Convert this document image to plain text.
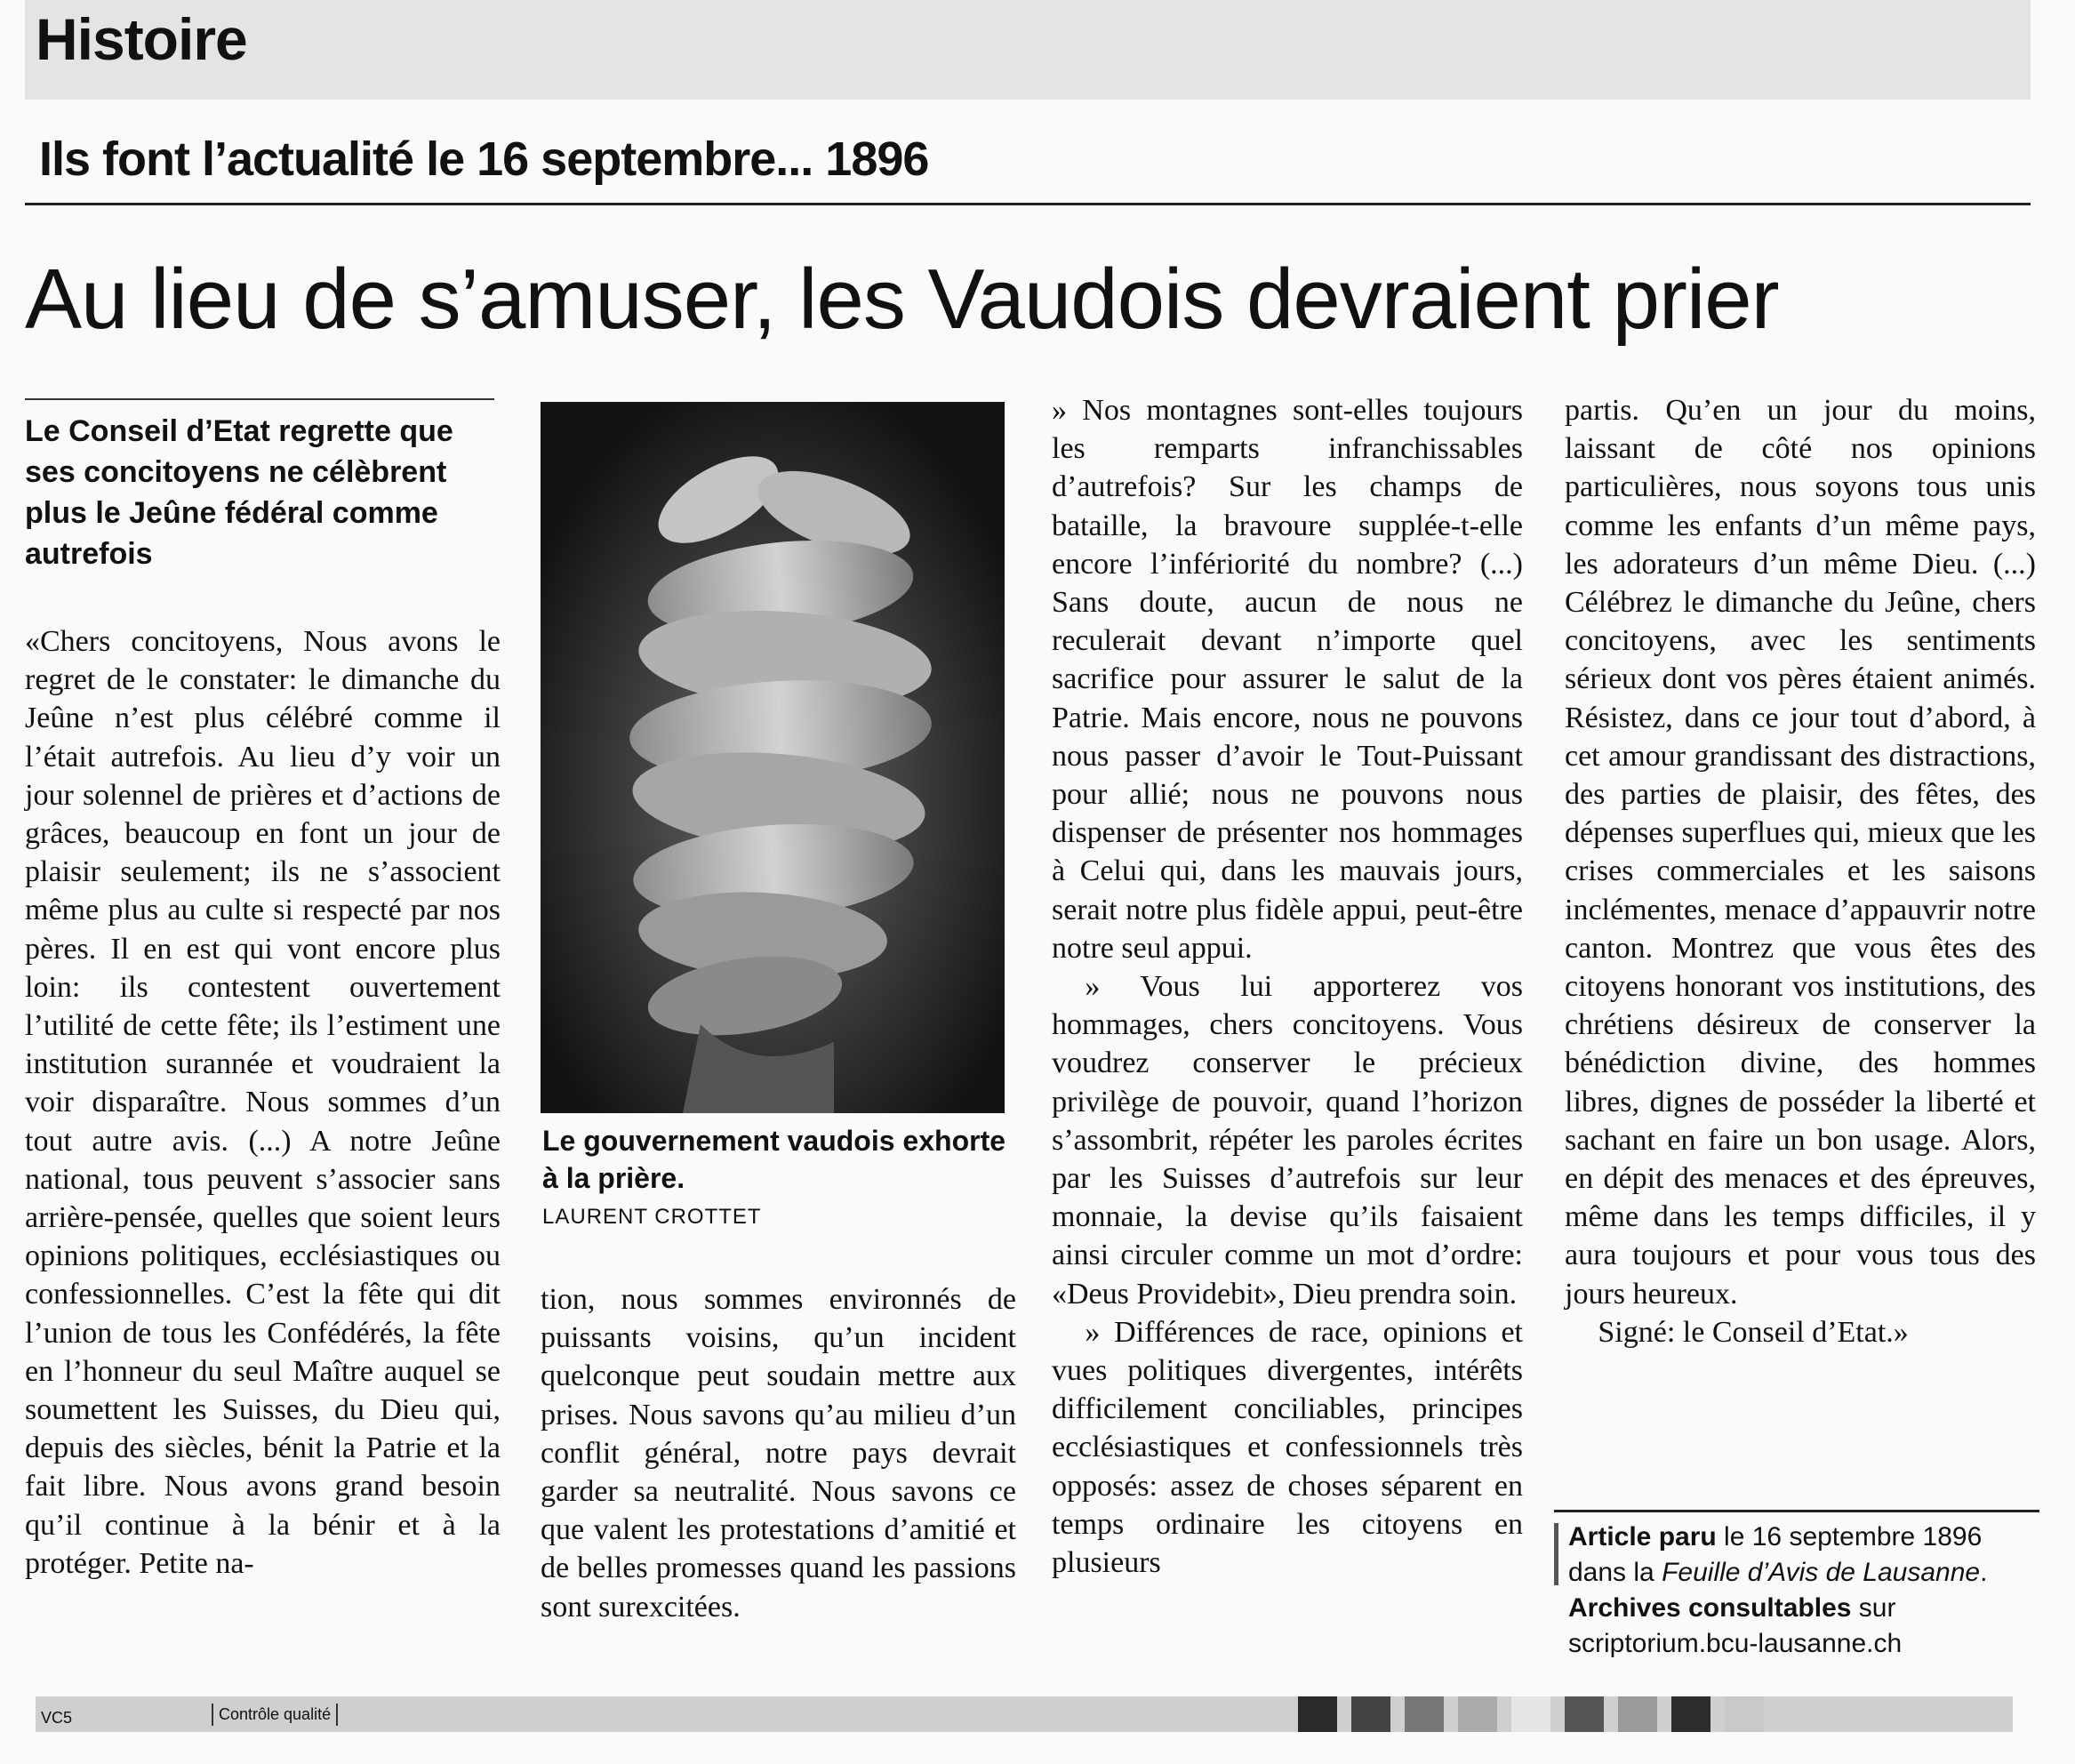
Histoire
Ils font l’actualité le 16 septembre... 1896
Au lieu de s’amuser, les Vaudois devraient prier

Le Conseil d’Etat regrette que ses concitoyens ne célèbrent plus le Jeûne fédéral comme autrefois

«Chers concitoyens, Nous avons le regret de le constater: le dimanche du Jeûne n’est plus célébré comme il l’était autrefois. Au lieu d’y voir un jour solennel de prières et d’actions de grâces, beaucoup en font un jour de plaisir seulement; ils ne s’associent même plus au culte si respecté par nos pères. Il en est qui vont encore plus loin: ils contestent ouvertement l’utilité de cette fête; ils l’estiment une institution surannée et voudraient la voir disparaître. Nous sommes d’un tout autre avis. (...) A notre Jeûne national, tous peuvent s’associer sans arrière-pensée, quelles que soient leurs opinions politiques, ecclésiastiques ou confessionnelles. C’est la fête qui dit l’union de tous les Confédérés, la fête en l’honneur du seul Maître auquel se soumettent les Suisses, du Dieu qui, depuis des siècles, bénit la Patrie et la fait libre. Nous avons grand besoin qu’il continue à la bénir et à la protéger. Petite na-

Le gouvernement vaudois exhorte à la prière.

LAURENT CROTTET

tion, nous sommes environnés de puissants voisins, qu’un incident quelconque peut soudain mettre aux prises. Nous savons qu’au milieu d’un conflit général, notre pays devrait garder sa neutralité. Nous savons ce que valent les protestations d’amitié et de belles promesses quand les passions sont surexcitées.

» Nos montagnes sont-elles toujours les remparts infranchissables d’autrefois? Sur les champs de bataille, la bravoure supplée-t-elle encore l’infériorité du nombre? (...) Sans doute, aucun de nous ne reculerait devant n’importe quel sacrifice pour assurer le salut de la Patrie. Mais encore, nous ne pouvons nous passer d’avoir le Tout-Puissant pour allié; nous ne pouvons nous dispenser de présenter nos hommages à Celui qui, dans les mauvais jours, serait notre plus fidèle appui, peut-être notre seul appui.

» Vous lui apporterez vos hommages, chers concitoyens. Vous voudrez conserver le précieux privilège de pouvoir, quand l’horizon s’assombrit, répéter les paroles écrites par les Suisses d’autrefois sur leur monnaie, la devise qu’ils faisaient ainsi circuler comme un mot d’ordre: «Deus Providebit», Dieu prendra soin.

» Différences de race, opinions et vues politiques divergentes, intérêts difficilement conciliables, principes ecclésiastiques et confessionnels très opposés: assez de choses séparent en temps ordinaire les citoyens en plusieurs

partis. Qu’en un jour du moins, laissant de côté nos opinions particulières, nous soyons tous unis comme les enfants d’un même pays, les adorateurs d’un même Dieu. (...) Célébrez le dimanche du Jeûne, chers concitoyens, avec les sentiments sérieux dont vos pères étaient animés. Résistez, dans ce jour tout d’abord, à cet amour grandissant des distractions, des parties de plaisir, des fêtes, des dépenses superflues qui, mieux que les crises commerciales et les saisons inclémentes, menace d’appauvrir notre canton. Montrez que vous êtes des citoyens honorant vos institutions, des chrétiens désireux de conserver la bénédiction divine, des hommes libres, dignes de posséder la liberté et sachant en faire un bon usage. Alors, en dépit des menaces et des épreuves, même dans les temps difficiles, il y aura toujours et pour vous tous des jours heureux.

Signé: le Conseil d’Etat.»

Article paru le 16 septembre 1896 dans la Feuille d’Avis de Lausanne.
Archives consultables sur scriptorium.bcu-lausanne.ch

VC5	Contrôle qualité
